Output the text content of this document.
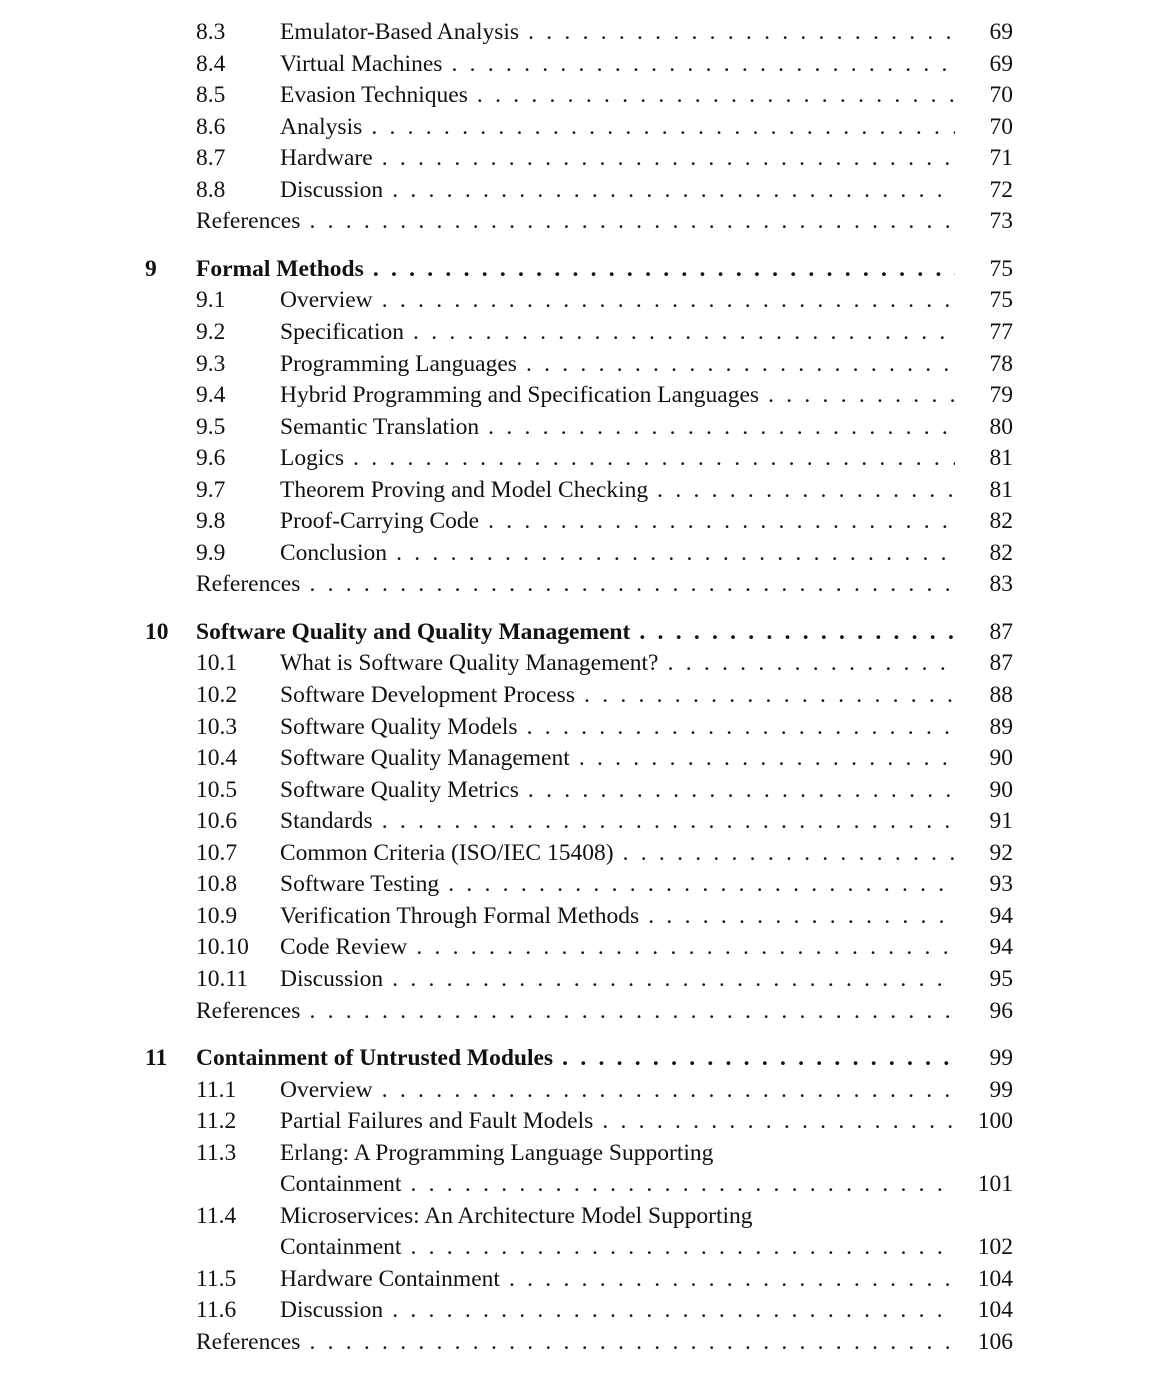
8.3 Emulator-Based Analysis . . .	69
8.4 Virtual Machines . . .	69
8.5 Evasion Techniques . . .	70
8.6 Analysis . . .	70
8.7 Hardware . . .	71
8.8 Discussion . . .	72
References . . .	73
9 Formal Methods . . .	75
9.1 Overview . . .	75
9.2 Specification . . .	77
9.3 Programming Languages . . .	78
9.4 Hybrid Programming and Specification Languages . . .	79
9.5 Semantic Translation . . .	80
9.6 Logics . . .	81
9.7 Theorem Proving and Model Checking . . .	81
9.8 Proof-Carrying Code . . .	82
9.9 Conclusion . . .	82
References . . .	83
10 Software Quality and Quality Management . . .	87
10.1 What is Software Quality Management? . . .	87
10.2 Software Development Process . . .	88
10.3 Software Quality Models . . .	89
10.4 Software Quality Management . . .	90
10.5 Software Quality Metrics . . .	90
10.6 Standards . . .	91
10.7 Common Criteria (ISO/IEC 15408) . . .	92
10.8 Software Testing . . .	93
10.9 Verification Through Formal Methods . . .	94
10.10 Code Review . . .	94
10.11 Discussion . . .	95
References . . .	96
11 Containment of Untrusted Modules . . .	99
11.1 Overview . . .	99
11.2 Partial Failures and Fault Models . . .	100
11.3 Erlang: A Programming Language Supporting
Containment . . .	101
11.4 Microservices: An Architecture Model Supporting
Containment . . .	102
11.5 Hardware Containment . . .	104
11.6 Discussion . . .	104
References . . .	106
